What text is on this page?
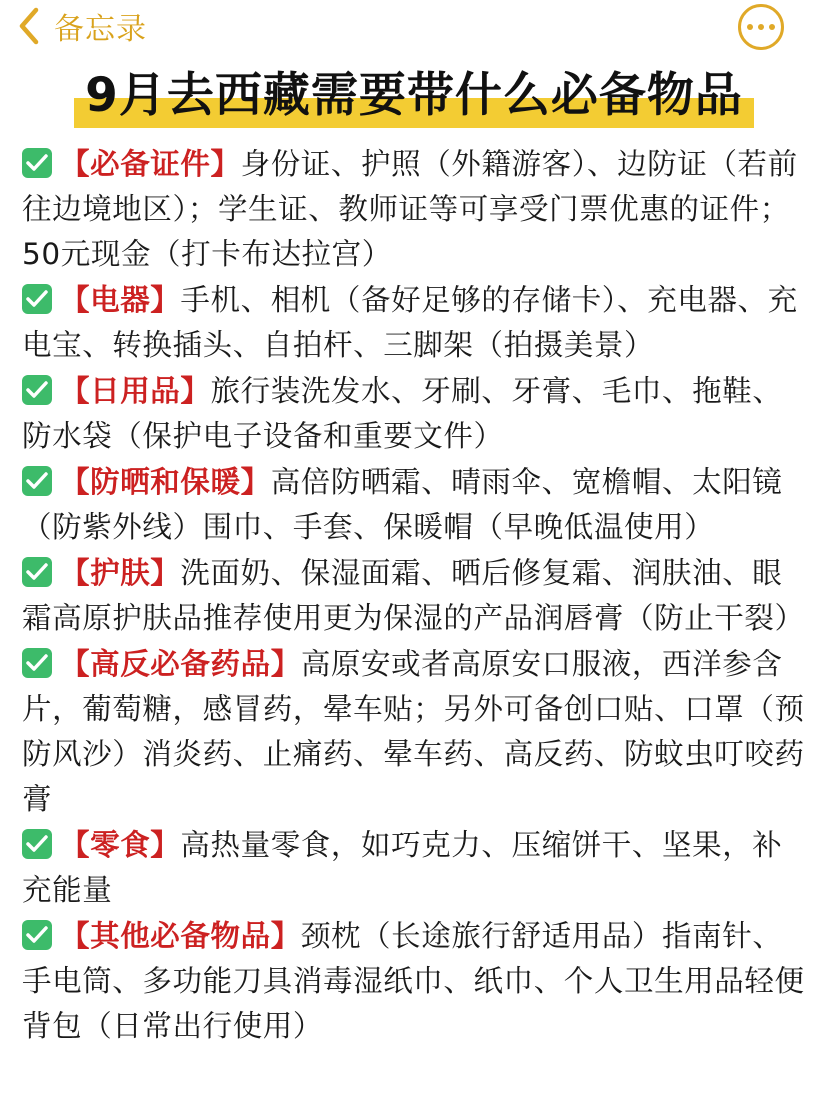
备忘录
9月去西藏需要带什么必备物品
【必备证件】身份证、护照（外籍游客）、边防证（若前往边境地区）；学生证、教师证等可享受门票优惠的证件；50元现金（打卡布达拉宫）
【电器】手机、相机（备好足够的存储卡）、充电器、充电宝、转换插头、自拍杆、三脚架（拍摄美景）
【日用品】旅行装洗发水、牙刷、牙膏、毛巾、拖鞋、防水袋（保护电子设备和重要文件）
【防晒和保暖】高倍防晒霜、晴雨伞、宽檐帽、太阳镜（防紫外线）围巾、手套、保暖帽（早晚低温使用）
【护肤】洗面奶、保湿面霜、晒后修复霜、润肤油、眼霜高原护肤品推荐使用更为保湿的产品润唇膏（防止干裂）
【高反必备药品】高原安或者高原安口服液，西洋参含片，葡萄糖，感冒药，晕车贴；另外可备创口贴、口罩（预防风沙）消炎药、止痛药、晕车药、高反药、防蚊虫叮咬药膏
【零食】高热量零食，如巧克力、压缩饼干、坚果，补充能量
【其他必备物品】颈枕（长途旅行舒适用品）指南针、手电筒、多功能刀具消毒湿纸巾、纸巾、个人卫生用品轻便背包（日常出行使用）
